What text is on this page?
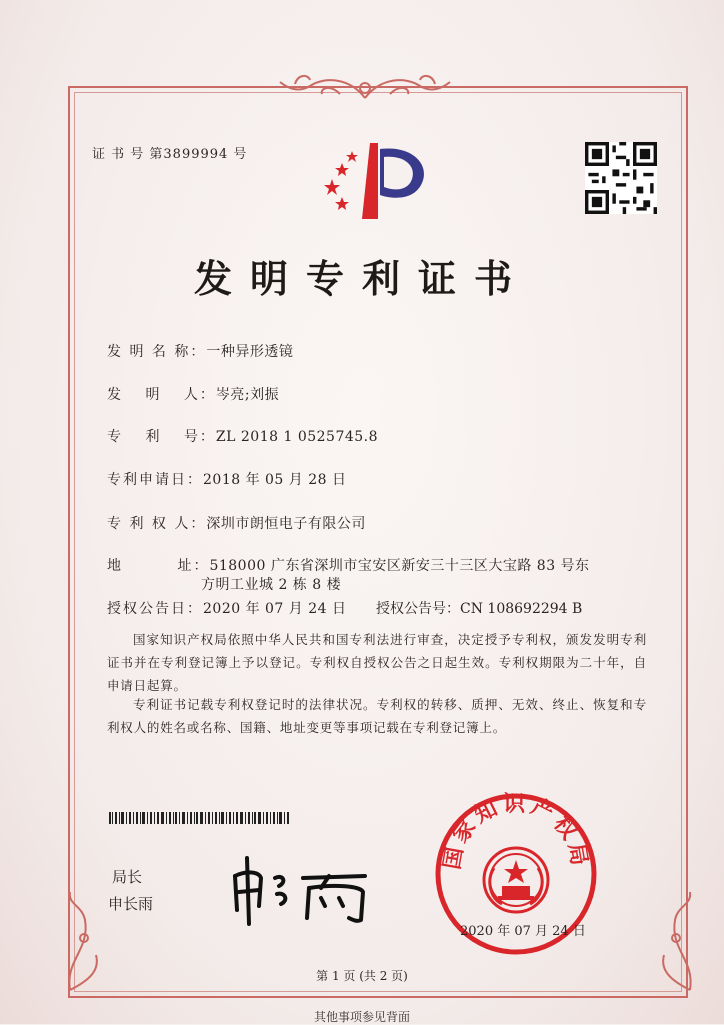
证 书 号 第3899994 号
发明专利证书
发 明 名 称：一种异形透镜
发　 明　 人：岑亮;刘振
专　 利　 号：ZL 2018 1 0525745.8
专利申请日：2018 年 05 月 28 日
专 利 权 人：深圳市朗恒电子有限公司
地　　　 址：518000 广东省深圳市宝安区新安三十三区大宝路 83 号东
方明工业城 2 栋 8 楼
授权公告日：2020 年 07 月 24 日 授权公告号：CN 108692294 B
国家知识产权局依照中华人民共和国专利法进行审查，决定授予专利权，颁发发明专利证书并在专利登记簿上予以登记。专利权自授权公告之日起生效。专利权期限为二十年，自申请日起算。
专利证书记载专利权登记时的法律状况。专利权的转移、质押、无效、终止、恢复和专利权人的姓名或名称、国籍、地址变更等事项记载在专利登记簿上。
局长
申长雨
国家知识产权局
2020 年 07 月 24 日
第 1 页 (共 2 页)
其他事项参见背面
